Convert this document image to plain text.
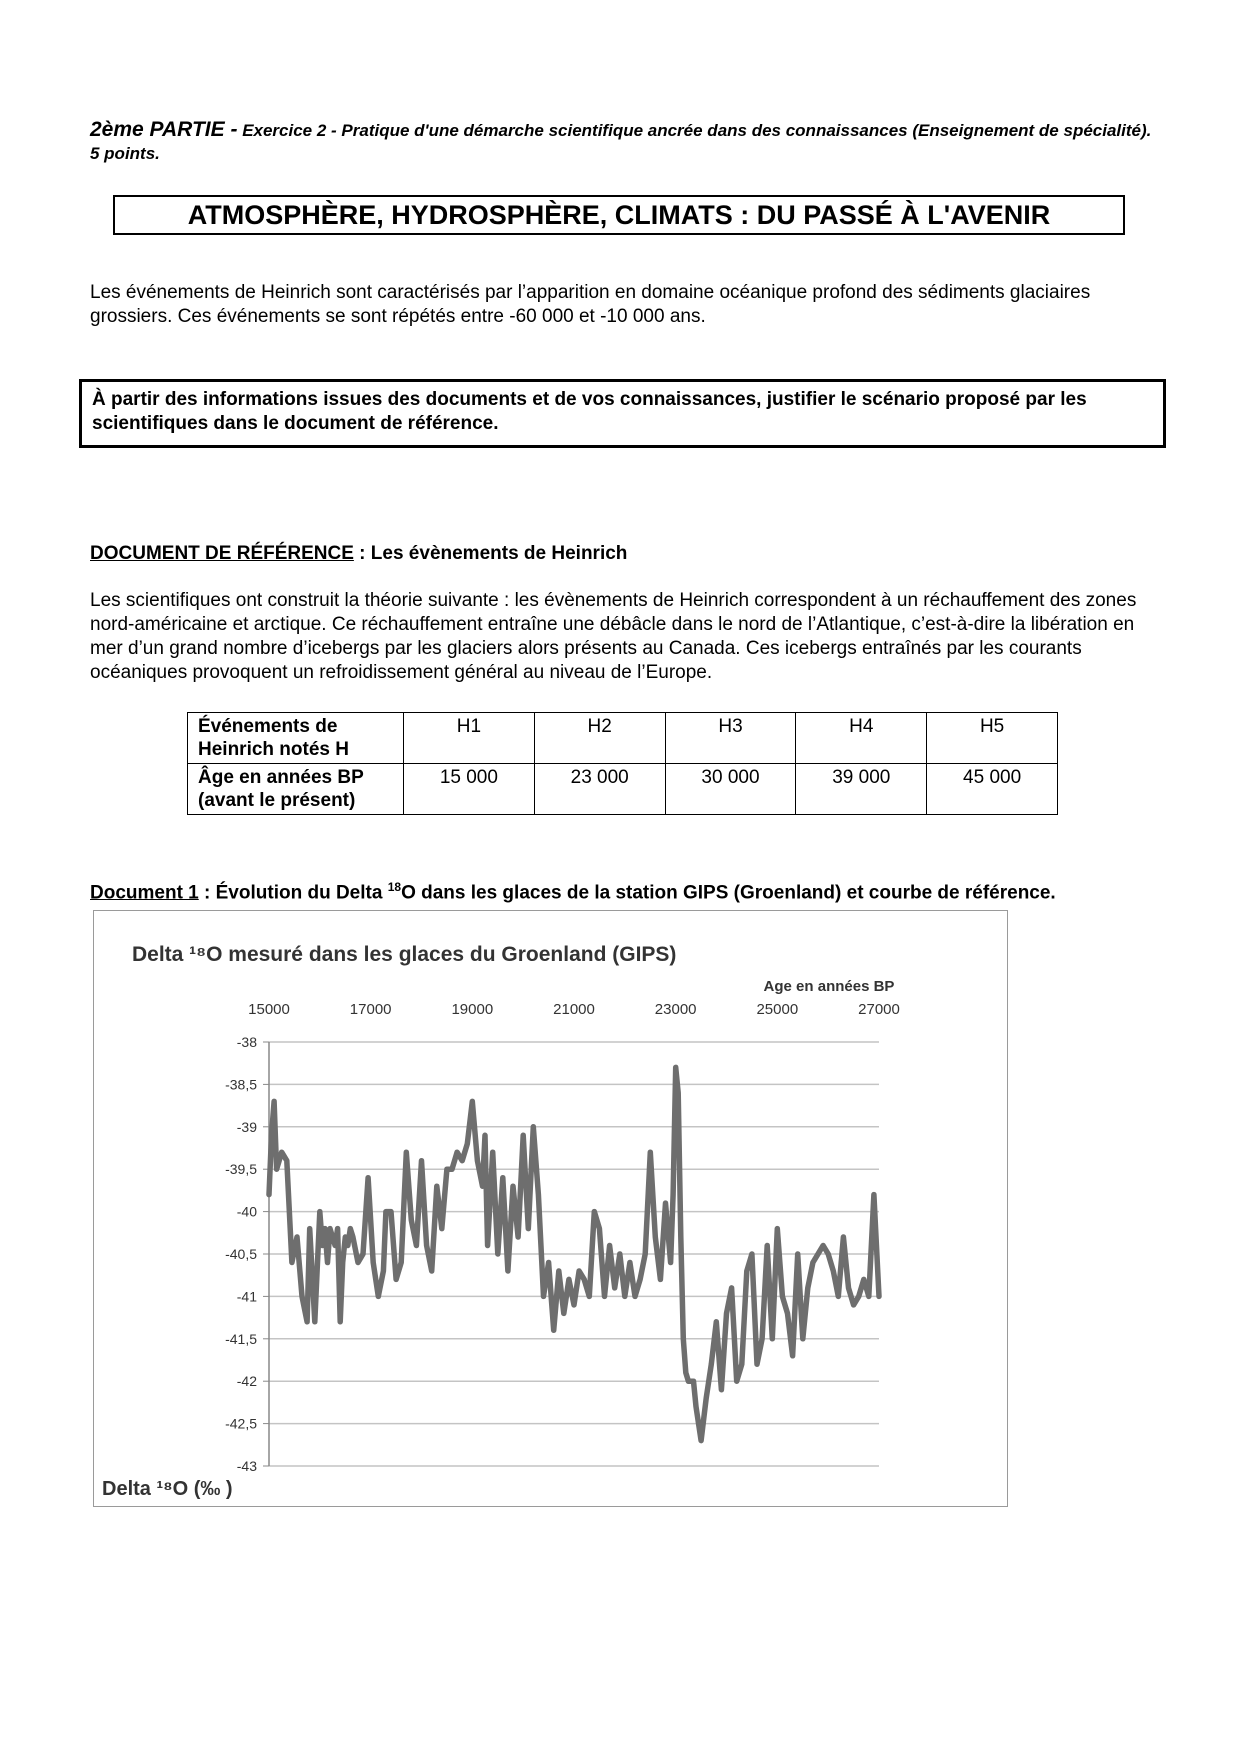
2ème PARTIE - Exercice 2 - Pratique d'une démarche scientifique ancrée dans des connaissances (Enseignement de spécialité). 5 points.
ATMOSPHÈRE, HYDROSPHÈRE, CLIMATS : DU PASSÉ À L'AVENIR
Les événements de Heinrich sont caractérisés par l’apparition en domaine océanique profond des sédiments glaciaires grossiers. Ces événements se sont répétés entre -60 000 et -10 000 ans.
À partir des informations issues des documents et de vos connaissances, justifier le scénario proposé par les scientifiques dans le document de référence.
DOCUMENT DE RÉFÉRENCE : Les évènements de Heinrich
Les scientifiques ont construit la théorie suivante : les évènements de Heinrich correspondent à un réchauffement des zones nord-américaine et arctique. Ce réchauffement entraîne une débâcle dans le nord de l’Atlantique, c’est-à-dire la libération en mer d’un grand nombre d’icebergs par les glaciers alors présents au Canada. Ces icebergs entraînés par les courants océaniques provoquent un refroidissement général au niveau de l’Europe.
Événements de Heinrich notés H	H1	H2	H3	H4	H5
Âge en années BP (avant le présent)	15 000	23 000	30 000	39 000	45 000
Document 1 : Évolution du Delta $^{18}$O dans les glaces de la station GIPS (Groenland) et courbe de référence.
Delta ¹⁸O mesuré dans les glaces du Groenland (GIPS)
Age en années BP
Delta ¹⁸O (‰ )
-38
-38,5
-39
-39,5
-40
-40,5
-41
-41,5
-42
-42,5
-43
15000	17000	19000	21000	23000	25000	27000
